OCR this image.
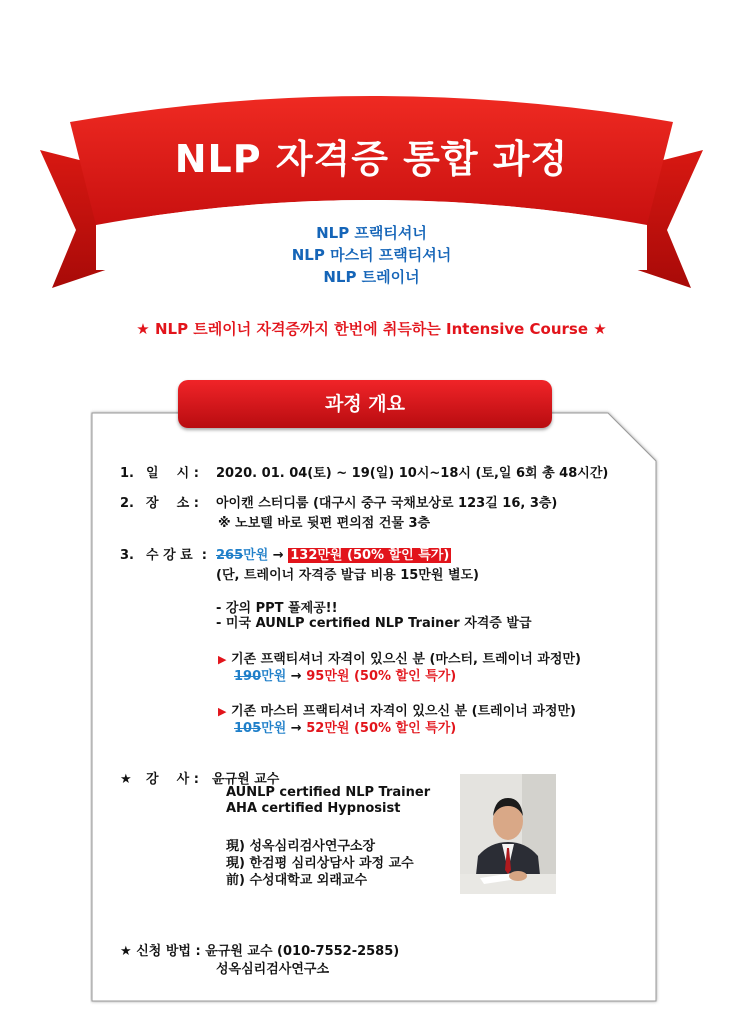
NLP 자격증 통합 과정
NLP 프랙티셔너
NLP 마스터 프랙티셔너
NLP 트레이너
★ NLP 트레이너 자격증까지 한번에 취득하는 Intensive Course ★
과정 개요
1. 일    시 : 2020. 01. 04(토) ~ 19(일) 10시~18시 (토,일 6회 총 48시간)
2. 장    소 : 아이캔 스터디룸 (대구시 중구 국채보상로 123길 16, 3층)
※ 노보텔 바로 뒷편 편의점 건물 3층
3. 수 강 료  : 265만원 → 132만원 (50% 할인 특가)
(단, 트레이너 자격증 발급 비용 15만원 별도)
- 강의 PPT 풀제공!!
- 미국 AUNLP certified NLP Trainer 자격증 발급
▶ 기존 프랙티셔너 자격이 있으신 분 (마스터, 트레이너 과정만)
190만원 → 95만원 (50% 할인 특가)
▶ 기존 마스터 프랙티셔너 자격이 있으신 분 (트레이너 과정만)
105만원 → 52만원 (50% 할인 특가)
★ 강    사 : 윤규원 교수
AUNLP certified NLP Trainer
AHA certified Hypnosist
現) 성옥심리검사연구소장
現) 한검평 심리상담사 과정 교수
前) 수성대학교 외래교수
★ 신청 방법 : 윤규원 교수 (010-7552-2585)
성옥심리검사연구소
